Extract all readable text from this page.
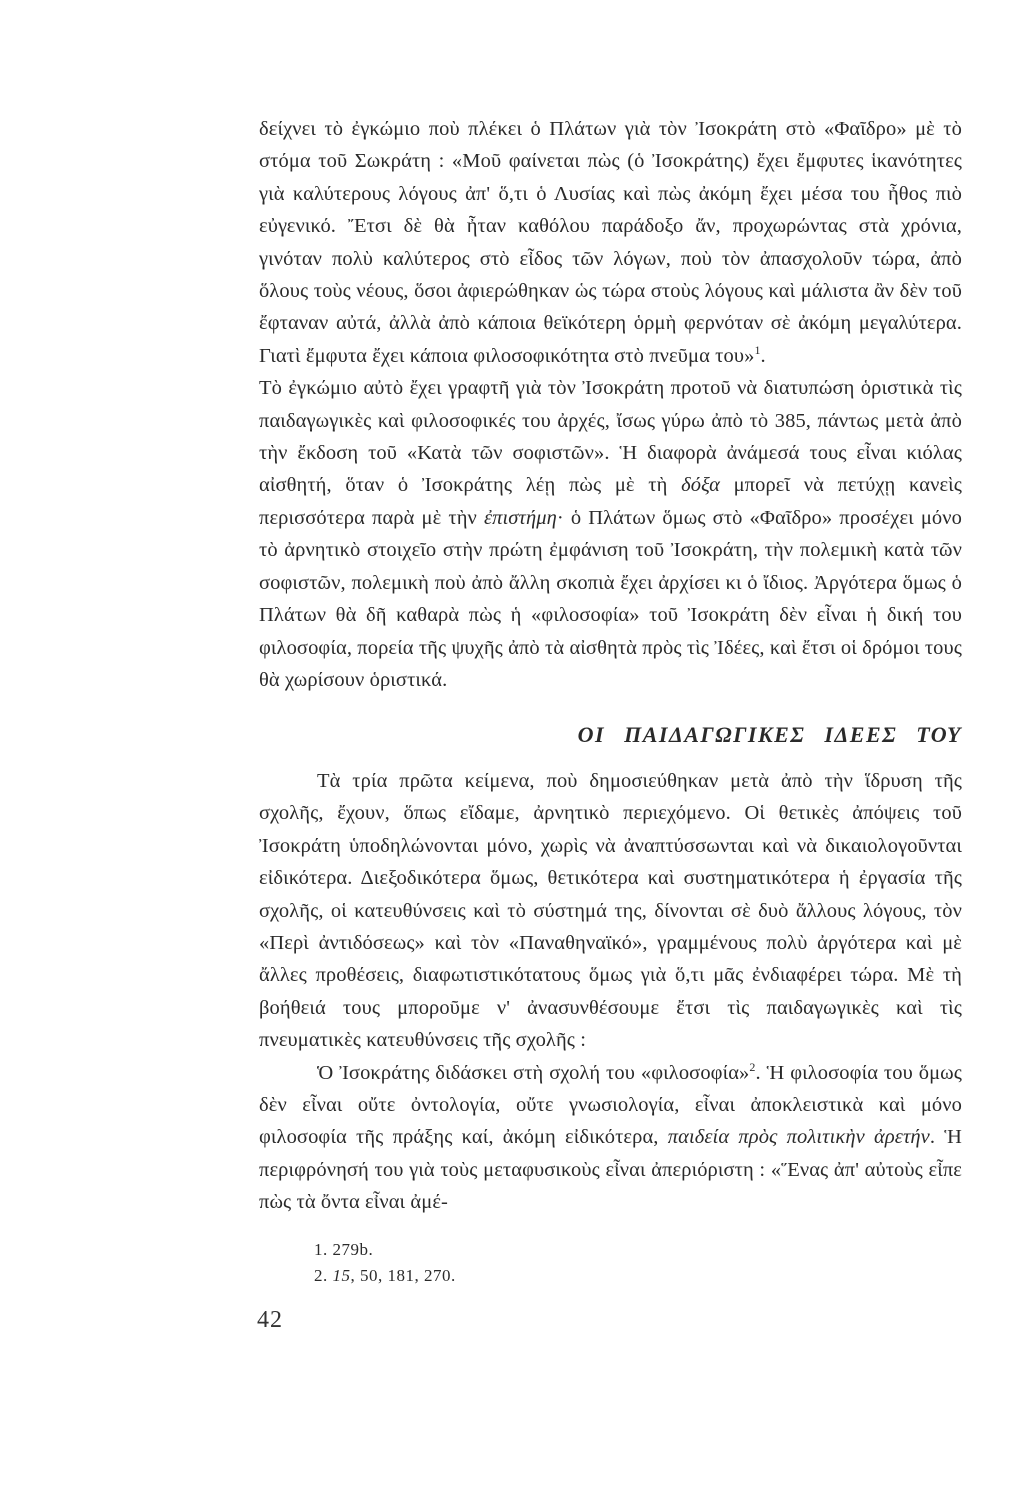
δείχνει τὸ ἐγκώμιο ποὺ πλέκει ὁ Πλάτων γιὰ τὸν Ἰσοκράτη στὸ «Φαῖδρο» μὲ τὸ στόμα τοῦ Σωκράτη : «Μοῦ φαίνεται πὼς (ὁ Ἰσοκράτης) ἔχει ἔμφυτες ἱκανότητες γιὰ καλύτερους λόγους ἀπ' ὅ,τι ὁ Λυσίας καὶ πὼς ἀκόμη ἔχει μέσα του ἦθος πιὸ εὐγενικό. Ἔτσι δὲ θὰ ἦταν καθόλου παράδοξο ἄν, προχωρώντας στὰ χρόνια, γινόταν πολὺ καλύτερος στὸ εἶδος τῶν λόγων, ποὺ τὸν ἀπασχολοῦν τώρα, ἀπὸ ὅλους τοὺς νέους, ὅσοι ἀφιερώθηκαν ὡς τώρα στοὺς λόγους καὶ μάλιστα ἂν δὲν τοῦ ἔφταναν αὐτά, ἀλλὰ ἀπὸ κάποια θεϊκότερη ὁρμὴ φερνόταν σὲ ἀκόμη μεγαλύτερα. Γιατὶ ἔμφυτα ἔχει κάποια φιλοσοφικότητα στὸ πνεῦμα του»$^1$.

Τὸ ἐγκώμιο αὐτὸ ἔχει γραφτῆ γιὰ τὸν Ἰσοκράτη προτοῦ νὰ διατυπώση ὁριστικὰ τὶς παιδαγωγικὲς καὶ φιλοσοφικές του ἀρχές, ἴσως γύρω ἀπὸ τὸ 385, πάντως μετὰ ἀπὸ τὴν ἔκδοση τοῦ «Κατὰ τῶν σοφιστῶν». Ἡ διαφορὰ ἀνάμεσά τους εἶναι κιόλας αἰσθητή, ὅταν ὁ Ἰσοκράτης λέῃ πὼς μὲ τὴ δόξα μπορεῖ νὰ πετύχῃ κανεὶς περισσότερα παρὰ μὲ τὴν ἐπιστήμη· ὁ Πλάτων ὅμως στὸ «Φαῖδρο» προσέχει μόνο τὸ ἀρνητικὸ στοιχεῖο στὴν πρώτη ἐμφάνιση τοῦ Ἰσοκράτη, τὴν πολεμικὴ κατὰ τῶν σοφιστῶν, πολεμικὴ ποὺ ἀπὸ ἄλλη σκοπιὰ ἔχει ἀρχίσει κι ὁ ἴδιος. Ἀργότερα ὅμως ὁ Πλάτων θὰ δῆ καθαρὰ πὼς ἡ «φιλοσοφία» τοῦ Ἰσοκράτη δὲν εἶναι ἡ δική του φιλοσοφία, πορεία τῆς ψυχῆς ἀπὸ τὰ αἰσθητὰ πρὸς τὶς Ἰδέες, καὶ ἔτσι οἱ δρόμοι τους θὰ χωρίσουν ὁριστικά.

ΟΙ ΠΑΙΔΑΓΩΓΙΚΕΣ ΙΔΕΕΣ ΤΟΥ

Τὰ τρία πρῶτα κείμενα, ποὺ δημοσιεύθηκαν μετὰ ἀπὸ τὴν ἵδρυση τῆς σχολῆς, ἔχουν, ὅπως εἴδαμε, ἀρνητικὸ περιεχόμενο. Οἱ θετικὲς ἀπόψεις τοῦ Ἰσοκράτη ὑποδηλώνονται μόνο, χωρὶς νὰ ἀναπτύσσωνται καὶ νὰ δικαιολογοῦνται εἰδικότερα. Διεξοδικότερα ὅμως, θετικότερα καὶ συστηματικότερα ἡ ἐργασία τῆς σχολῆς, οἱ κατευθύνσεις καὶ τὸ σύστημά της, δίνονται σὲ δυὸ ἄλλους λόγους, τὸν «Περὶ ἀντιδόσεως» καὶ τὸν «Παναθηναϊκό», γραμμένους πολὺ ἀργότερα καὶ μὲ ἄλλες προθέσεις, διαφωτιστικότατους ὅμως γιὰ ὅ,τι μᾶς ἐνδιαφέρει τώρα. Μὲ τὴ βοήθειά τους μποροῦμε ν' ἀνασυνθέσουμε ἔτσι τὶς παιδαγωγικὲς καὶ τὶς πνευματικὲς κατευθύνσεις τῆς σχολῆς :

Ὁ Ἰσοκράτης διδάσκει στὴ σχολή του «φιλοσοφία»$^2$. Ἡ φιλοσοφία του ὅμως δὲν εἶναι οὔτε ὀντολογία, οὔτε γνωσιολογία, εἶναι ἀποκλειστικὰ καὶ μόνο φιλοσοφία τῆς πράξης καί, ἀκόμη εἰδικότερα, παιδεία πρὸς πολιτικὴν ἀρετήν. Ἡ περιφρόνησή του γιὰ τοὺς μεταφυσικοὺς εἶναι ἀπεριόριστη : «Ἕνας ἀπ' αὐτοὺς εἶπε πὼς τὰ ὄντα εἶναι ἀμέ-

1. 279b.
2. 15, 50, 181, 270.
42
